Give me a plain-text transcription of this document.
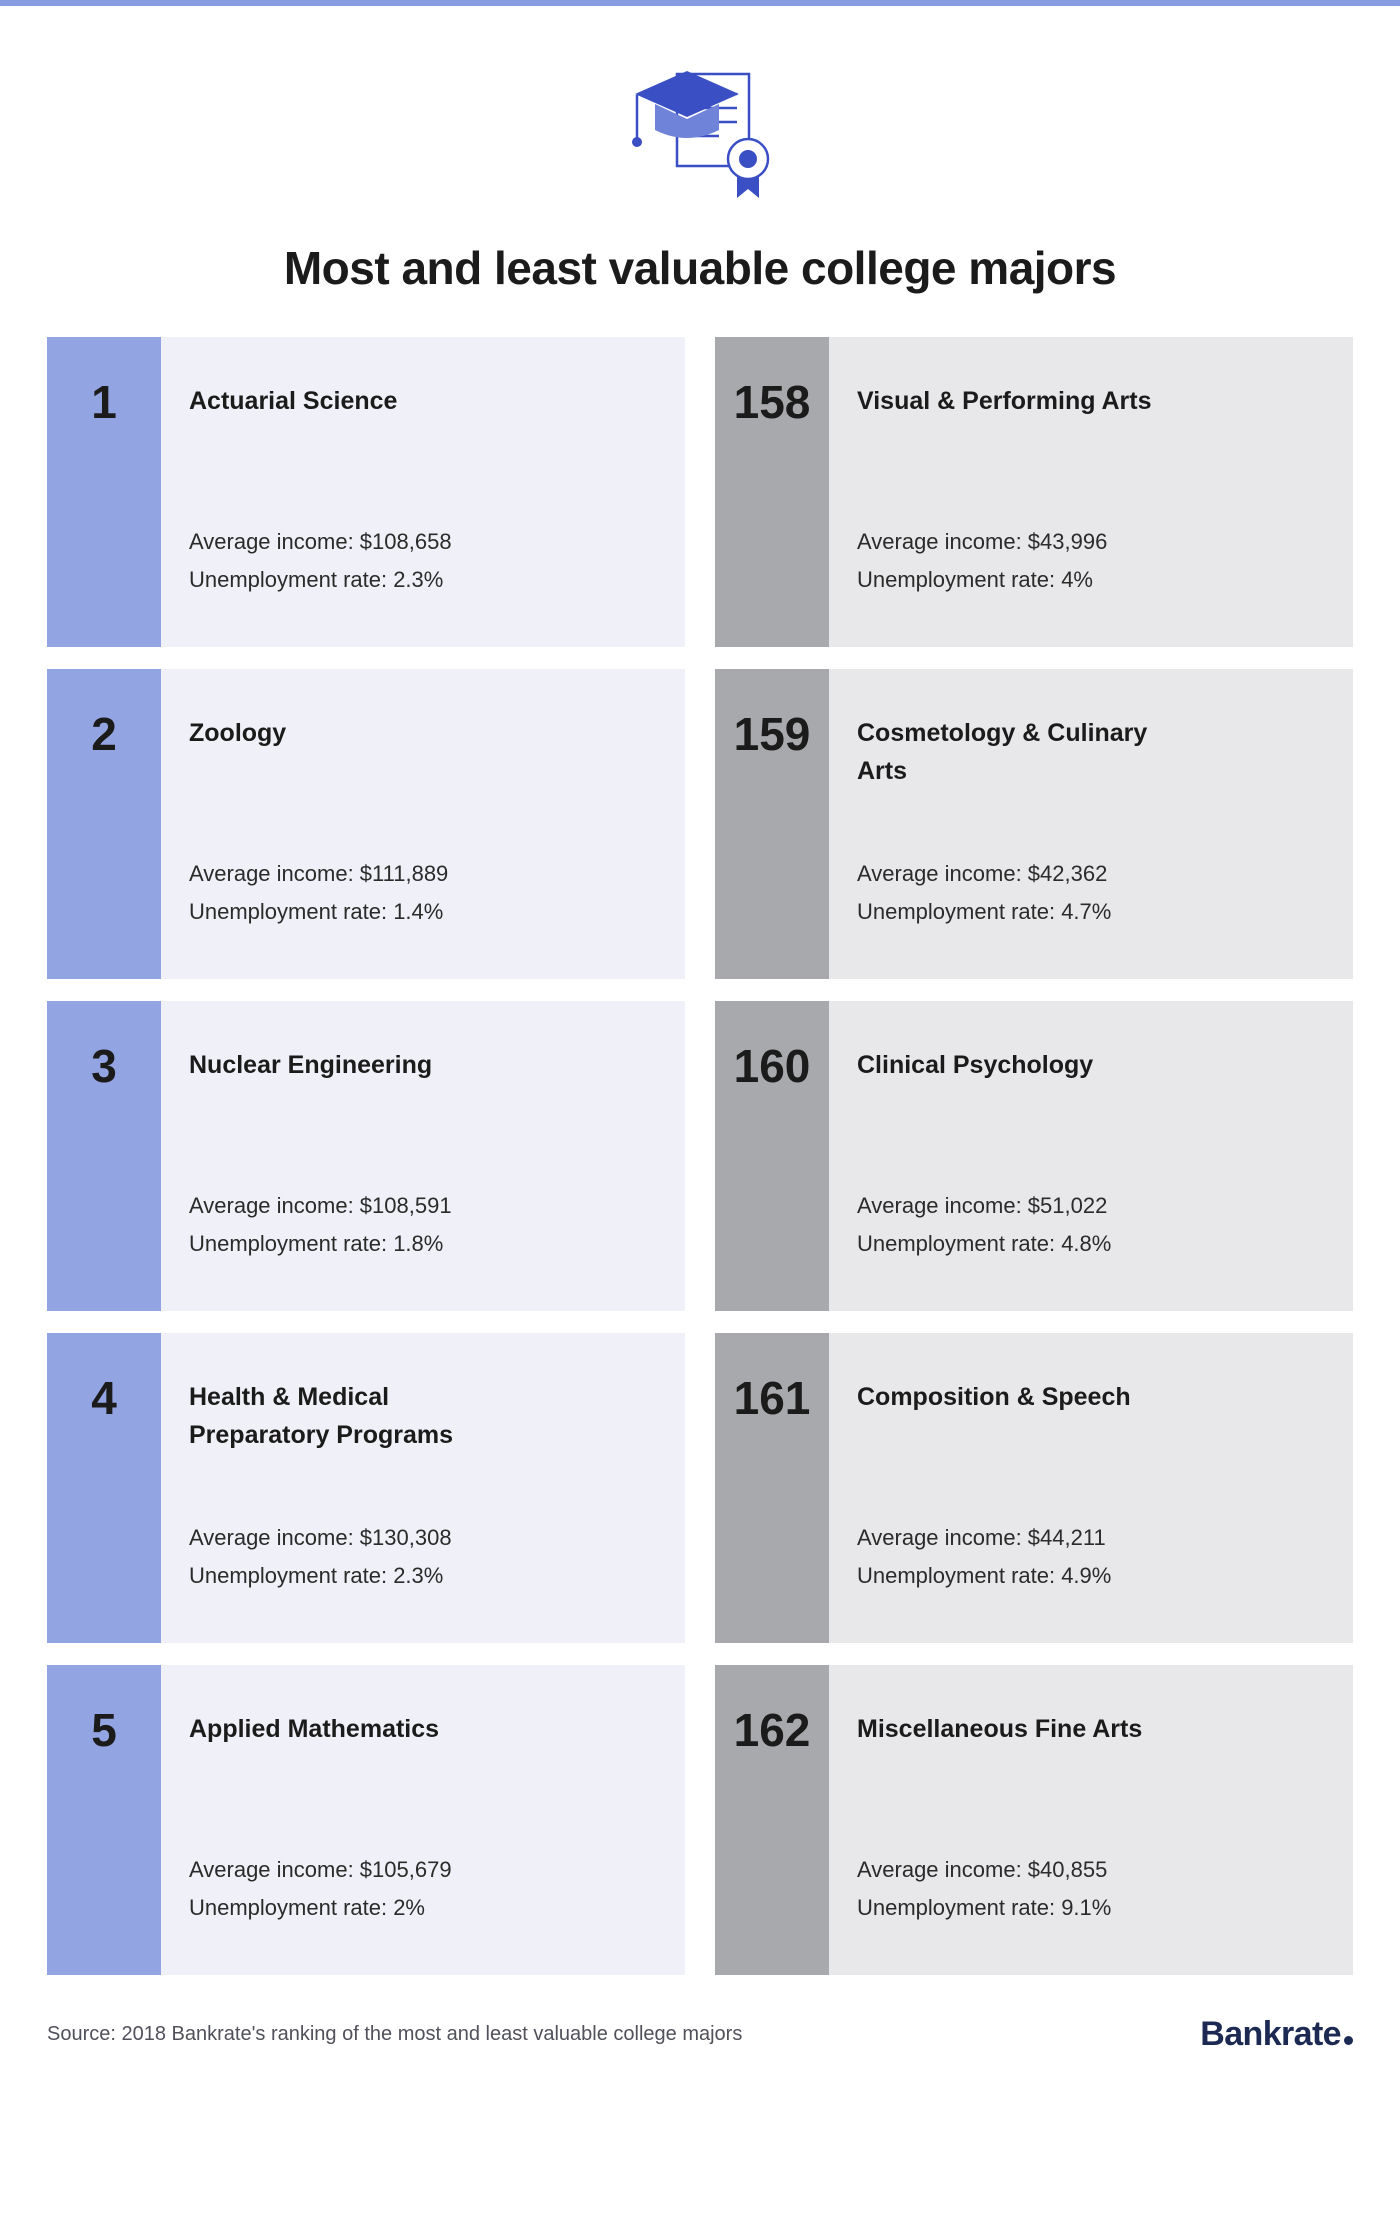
Most and least valuable college majors
1	Actuarial Science
Average income: $108,658
Unemployment rate: 2.3%
2	Zoology
Average income: $111,889
Unemployment rate: 1.4%
3	Nuclear Engineering
Average income: $108,591
Unemployment rate: 1.8%
4	Health & Medical Preparatory Programs
Average income: $130,308
Unemployment rate: 2.3%
5	Applied Mathematics
Average income: $105,679
Unemployment rate: 2%
158 Visual & Performing Arts
Average income: $43,996
Unemployment rate: 4%
159 Cosmetology & Culinary Arts
Average income: $42,362
Unemployment rate: 4.7%
160 Clinical Psychology
Average income: $51,022
Unemployment rate: 4.8%
161 Composition & Speech
Average income: $44,211
Unemployment rate: 4.9%
162 Miscellaneous Fine Arts
Average income: $40,855
Unemployment rate: 9.1%
Source: 2018 Bankrate's ranking of the most and least valuable college majors	Bankrate
